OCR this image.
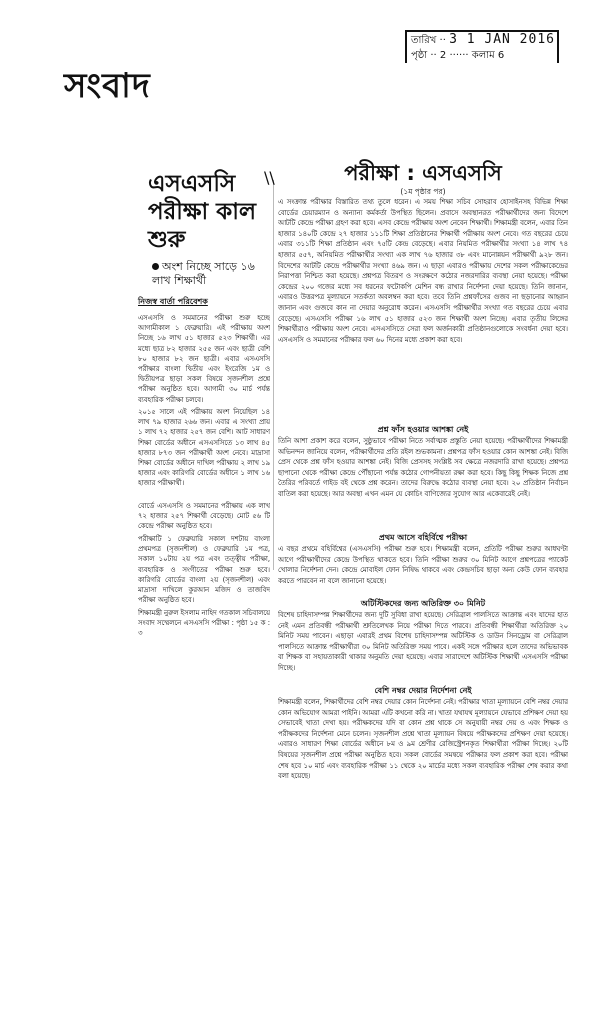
তারিখ ·· 3 1 JAN 2016
পৃষ্ঠা ·· 2 ······ কলাম 6
সংবাদ
\\
এসএসসি পরীক্ষা কাল শুরু
অংশ নিচ্ছে সাড়ে ১৬ লাখ শিক্ষার্থী
নিজস্ব বার্তা পরিবেশক

এসএসসি ও সমমানের পরীক্ষা শুরু হচ্ছে আগামীকাল ১ ফেব্রুয়ারি। এই পরীক্ষায় অংশ নিচ্ছে ১৬ লাখ ৫১ হাজার ৫২৩ শিক্ষার্থী। এর মধ্যে ছাত্র ৮২ হাজার ২৫৫ জন এবং ছাত্রী বেশি ৮০ হাজার ৮২ জন ছাত্রী। এবার এসএসসি পরীক্ষার বাংলা দ্বিতীয় এবং ইংরেজি ১ম ও দ্বিতীয়পত্র ছাড়া সকল বিষয়ে সৃজনশীল প্রশ্নে পরীক্ষা অনুষ্ঠিত হবে। আগামী ৩০ মার্চ পর্যন্ত ব্যবহারিক পরীক্ষা চলবে।

২০১৫ সালে এই পরীক্ষায় অংশ নিয়েছিল ১৪ লাখ ৭৯ হাজার ২৬৬ জন। এবার এ সংখ্যা প্রায় ১ লাখ ৭২ হাজার ২৫৭ জন বেশি। আট সাধারণ শিক্ষা বোর্ডের অধীনে এসএসসিতে ১৩ লাখ ৪৫ হাজার ৮৭৩ জন পরীক্ষার্থী অংশ নেবে। মাদ্রাসা শিক্ষা বোর্ডের অধীনে দাখিল পরীক্ষায় ২ লাখ ১৯ হাজার এবং কারিগরি বোর্ডের অধীনে ১ লাখ ১৬ হাজার পরীক্ষার্থী।

বোর্ডে এসএসসি ও সমমানের পরীক্ষায় এক লাখ ৭২ হাজার ২৫৭ শিক্ষার্থী বেড়েছে। মোট ৫৬ টি কেন্দ্রে পরীক্ষা অনুষ্ঠিত হবে।

পরীক্ষাটি ১ ফেব্রুয়ারি সকাল দশটায় বাংলা প্রথমপত্র (সৃজনশীল) ও ফেব্রুয়ারি ১ম পত্র, সকাল ১০টায় ২য় পত্র এবং তত্ত্বীয় পরীক্ষা, ব্যবহারিক ও সংগীতের পরীক্ষা শুরু হবে। কারিগরি বোর্ডের বাংলা ২য় (সৃজনশীল) এবং মাদ্রাসা দাখিলে কুরআন মজিদ ও তাজবিদ পরীক্ষা অনুষ্ঠিত হবে।

শিক্ষামন্ত্রী নুরুল ইসলাম নাহিদ গতকাল সচিবালয়ে সংবাদ সম্মেলনে এসএসসি পরীক্ষা : পৃষ্ঠা ১৫ ক : ৩

পরীক্ষা : এসএসসি
(১ম পৃষ্ঠার পর)

এ সংক্রান্ত পরীক্ষার বিস্তারিত তথ্য তুলে ধরেন। এ সময় শিক্ষা সচিব সোহরাব হোসাইনসহ বিভিন্ন শিক্ষা বোর্ডের চেয়ারম্যান ও অন্যান্য কর্মকর্তা উপস্থিত ছিলেন। প্রবাসে অবস্থানরত পরীক্ষার্থীদের জন্য বিদেশে আটটি কেন্দ্রে পরীক্ষা গ্রহণ করা হবে। এসব কেন্দ্রে পরীক্ষায় অংশ নেবেন শিক্ষার্থী। শিক্ষামন্ত্রী বলেন, এবার তিন হাজার ১৪০টি কেন্দ্রে ২৭ হাজার ১১১টি শিক্ষা প্রতিষ্ঠানের শিক্ষার্থী পরীক্ষায় অংশ নেবে। গত বছরের চেয়ে এবার ৩১১টি শিক্ষা প্রতিষ্ঠান এবং ৭৫টি কেন্দ্র বেড়েছে। এবার নিয়মিত পরীক্ষার্থীর সংখ্যা ১৪ লাখ ৭৪ হাজার ৫৫৭, অনিয়মিত পরীক্ষার্থীর সংখ্যা এক লাখ ৭৬ হাজার ৩৮ এবং মানোন্নয়ন পরীক্ষার্থী ৯২৮ জন। বিদেশের আটটি কেন্দ্রে পরীক্ষার্থীর সংখ্যা ৪৬৯ জন। এ ছাড়া এবারও পরীক্ষায় দেশের সকল পরীক্ষাকেন্দ্রের নিরাপত্তা নিশ্চিত করা হয়েছে। প্রশ্নপত্র বিতরণ ও সংরক্ষণে কঠোর নজরদারির ব্যবস্থা নেয়া হয়েছে। পরীক্ষা কেন্দ্রের ২০০ গজের মধ্যে সব ধরনের ফটোকপি মেশিন বন্ধ রাখার নির্দেশনা দেয়া হয়েছে। তিনি জানান, এবারও উত্তরপত্র মূল্যায়নে সতর্কতা অবলম্বন করা হবে। তবে তিনি প্রশ্নফাঁসের গুজব না ছড়ানোর আহ্বান জানান এবং গুজবে কান না দেয়ার অনুরোধ করেন। এসএসসি পরীক্ষার্থীর সংখ্যা গত বছরের চেয়ে এবার বেড়েছে। এসএসসি পরীক্ষা ১৬ লাখ ৫১ হাজার ৫২৩ জন শিক্ষার্থী অংশ নিচ্ছে। এবার তৃতীয় লিঙ্গের শিক্ষার্থীরাও পরীক্ষায় অংশ নেবে। এসএসসিতে সেরা ফল অর্জনকারী প্রতিষ্ঠানগুলোকে সংবর্ধনা দেয়া হবে। এসএসসি ও সমমানের পরীক্ষার ফল ৬০ দিনের মধ্যে প্রকাশ করা হবে।

প্রশ্ন ফাঁস হওয়ার আশঙ্কা নেই

তিনি আশা প্রকাশ করে বলেন, সুষ্ঠুভাবে পরীক্ষা নিতে সর্বাত্মক প্রস্তুতি নেয়া হয়েছে। পরীক্ষার্থীদের শিক্ষামন্ত্রী অভিনন্দন জানিয়ে বলেন, পরীক্ষার্থীদের প্রতি রইল শুভকামনা। প্রশ্নপত্র ফাঁস হওয়ার কোন আশঙ্কা নেই। বিজি প্রেস থেকে প্রশ্ন ফাঁস হওয়ার আশঙ্কা নেই। বিজি প্রেসসহ সংশ্লিষ্ট সব ক্ষেত্রে নজরদারি রাখা হয়েছে। প্রশ্নপত্র ছাপানো থেকে পরীক্ষা কেন্দ্রে পৌঁছানো পর্যন্ত কঠোর গোপনীয়তা রক্ষা করা হবে। কিছু কিছু শিক্ষক নিজে প্রশ্ন তৈরির পরিবর্তে গাইড বই থেকে প্রশ্ন করেন। তাদের বিরুদ্ধে কঠোর ব্যবস্থা নেয়া হবে। ২০ প্রতিষ্ঠান নির্বাচন বাতিল করা হয়েছে। আর অবস্থা এখন এমন যে কোচিং বাণিজ্যের সুযোগ আর একেবারেই নেই।

প্রথম আসে বহির্বিশ্বে পরীক্ষা

এ বছর প্রথমে বহির্বিশ্বের (এসএসসি) পরীক্ষা শুরু হবে। শিক্ষামন্ত্রী বলেন, প্রতিটি পরীক্ষা শুরুর আধঘণ্টা আগে পরীক্ষার্থীদের কেন্দ্রে উপস্থিত থাকতে হবে। তিনি পরীক্ষা শুরুর ৩০ মিনিট আগে প্রশ্নপত্রের প্যাকেট খোলার নির্দেশনা দেন। কেন্দ্রে মোবাইল ফোন নিষিদ্ধ থাকবে এবং কেন্দ্রসচিব ছাড়া অন্য কেউ ফোন ব্যবহার করতে পারবেন না বলে জানানো হয়েছে।

অটিস্টিকদের জন্য অতিরিক্ত ৩০ মিনিট

বিশেষ চাহিদাসম্পন্ন শিক্ষার্থীদের জন্য দুটি সুবিধা রাখা হয়েছে। সেরিব্রাল পালসিতে আক্রান্ত এবং যাদের হাত নেই এমন প্রতিবন্ধী পরীক্ষার্থী শ্রুতিলেখক নিয়ে পরীক্ষা দিতে পারবে। প্রতিবন্ধী শিক্ষার্থীরা অতিরিক্ত ২০ মিনিট সময় পাবেন। এছাড়া এবারই প্রথম বিশেষ চাহিদাসম্পন্ন অটিস্টিক ও ডাউন সিনড্রোম বা সেরিব্রাল পালসিতে আক্রান্ত পরীক্ষার্থীরা ৩০ মিনিট অতিরিক্ত সময় পাবে। একই সঙ্গে পরীক্ষার হলে তাদের অভিভাবক বা শিক্ষক বা সহায়তাকারী থাকার অনুমতি দেয়া হয়েছে। এবার সারাদেশে অটিস্টিক শিক্ষার্থী এসএসসি পরীক্ষা দিচ্ছে।

বেশি নম্বর দেয়ার নির্দেশনা নেই

শিক্ষামন্ত্রী বলেন, শিক্ষার্থীদের বেশি নম্বর দেয়ার কোন নির্দেশনা নেই। পরীক্ষার খাতা মূল্যায়নে বেশি নম্বর দেয়ার কোন অভিযোগ আমরা পাইনি। আমরা এটি কখনো করি না। খাতা যথাযথ মূল্যায়নে যেভাবে প্রশিক্ষণ দেয়া হয় সেভাবেই খাতা দেখা হয়। পরীক্ষকদের যদি বা কোন প্রশ্ন থাকে সে অনুযায়ী নম্বর দেয় ও এবং শিক্ষক ও পরীক্ষকদের নির্দেশনা মেনে চলেন। সৃজনশীল প্রশ্নে খাতা মূল্যায়ন বিষয়ে পরীক্ষকদের প্রশিক্ষণ দেয়া হয়েছে। এবারও সাধারণ শিক্ষা বোর্ডের অধীনে ৮ম ও ৯ম শ্রেণীর রেজিস্ট্রেশনকৃত শিক্ষার্থীরা পরীক্ষা দিচ্ছে। ২০টি বিষয়ের সৃজনশীল প্রশ্নে পরীক্ষা অনুষ্ঠিত হবে। সকল বোর্ডের সমন্বয়ে পরীক্ষার ফল প্রকাশ করা হবে। পরীক্ষা শেষ হবে ১০ মার্চ এবং ব্যবহারিক পরীক্ষা ১১ থেকে ২০ মার্চের মধ্যে সকল ব্যবহারিক পরীক্ষা শেষ করার কথা বলা হয়েছে।
